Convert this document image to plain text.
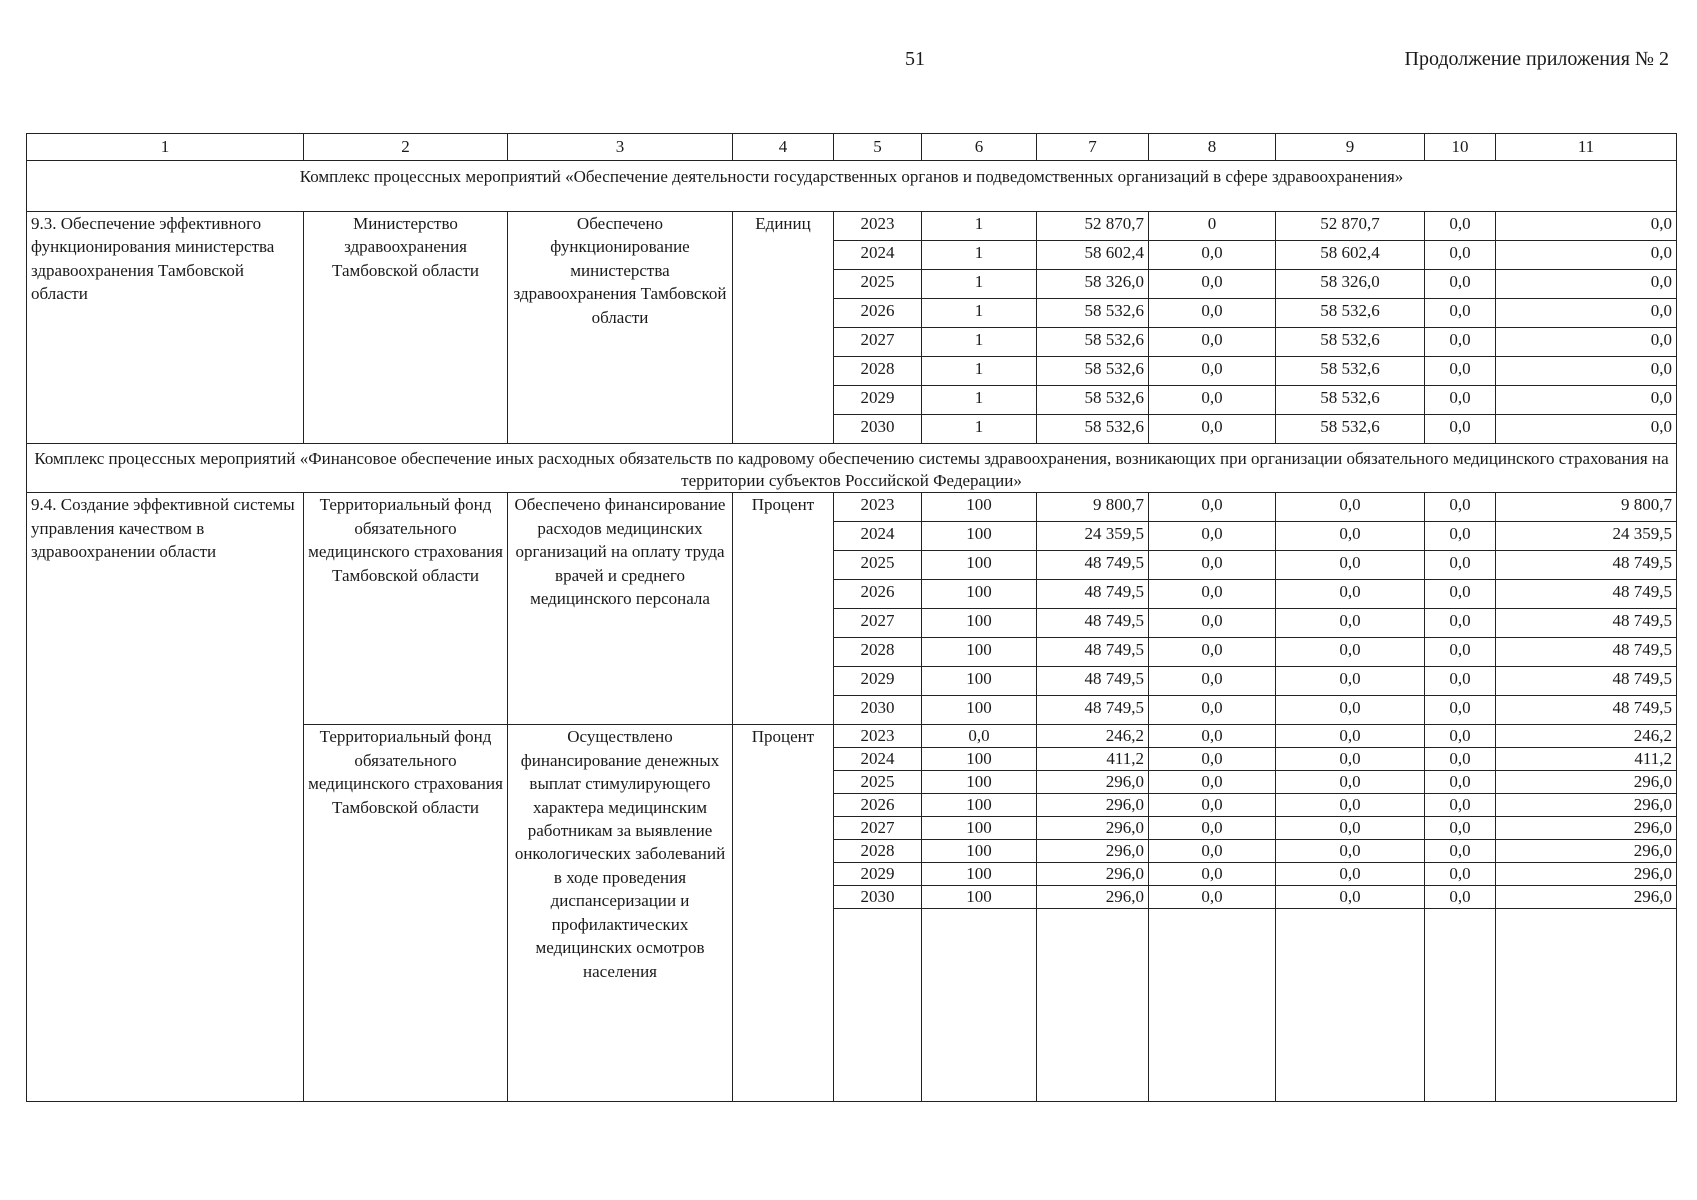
51	Продолжение приложения № 2
1	2	3	4	5	6	7	8	9	10	11
Комплекс процессных мероприятий «Обеспечение деятельности государственных органов и подведомственных организаций в сфере здравоохранения»										
9.3. Обеспечение эффективного функционирования министерства здравоохранения Тамбовской области	Министерство здравоохранения Тамбовской области	Обеспечено функционирование министерства здравоохранения Тамбовской области	Единиц	2023	1	52 870,7	0	52 870,7	0,0	0,0
				2024	1	58 602,4	0,0	58 602,4	0,0	0,0
				2025	1	58 326,0	0,0	58 326,0	0,0	0,0
				2026	1	58 532,6	0,0	58 532,6	0,0	0,0
				2027	1	58 532,6	0,0	58 532,6	0,0	0,0
				2028	1	58 532,6	0,0	58 532,6	0,0	0,0
				2029	1	58 532,6	0,0	58 532,6	0,0	0,0
				2030	1	58 532,6	0,0	58 532,6	0,0	0,0
Комплекс процессных мероприятий «Финансовое обеспечение иных расходных обязательств по кадровому обеспечению системы здравоохранения, возникающих при организации обязательного медицинского страхования на территории субъектов Российской Федерации»										
9.4. Создание эффективной системы управления качеством в здравоохранении области	Территориальный фонд обязательного медицинского страхования Тамбовской области	Обеспечено финансирование расходов медицинских организаций на оплату труда врачей и среднего медицинского персонала	Процент	2023	100	9 800,7	0,0	0,0	0,0	9 800,7
				2024	100	24 359,5	0,0	0,0	0,0	24 359,5
				2025	100	48 749,5	0,0	0,0	0,0	48 749,5
				2026	100	48 749,5	0,0	0,0	0,0	48 749,5
				2027	100	48 749,5	0,0	0,0	0,0	48 749,5
				2028	100	48 749,5	0,0	0,0	0,0	48 749,5
				2029	100	48 749,5	0,0	0,0	0,0	48 749,5
				2030	100	48 749,5	0,0	0,0	0,0	48 749,5
	Территориальный фонд обязательного медицинского страхования Тамбовской области	Осуществлено финансирование денежных выплат стимулирующего характера медицинским работникам за выявление онкологических заболеваний в ходе проведения диспансеризации и профилактических медицинских осмотров населения	Процент	2023	0,0	246,2	0,0	0,0	0,0	246,2
				2024	100	411,2	0,0	0,0	0,0	411,2
				2025	100	296,0	0,0	0,0	0,0	296,0
				2026	100	296,0	0,0	0,0	0,0	296,0
				2027	100	296,0	0,0	0,0	0,0	296,0
				2028	100	296,0	0,0	0,0	0,0	296,0
				2029	100	296,0	0,0	0,0	0,0	296,0
				2030	100	296,0	0,0	0,0	0,0	296,0
